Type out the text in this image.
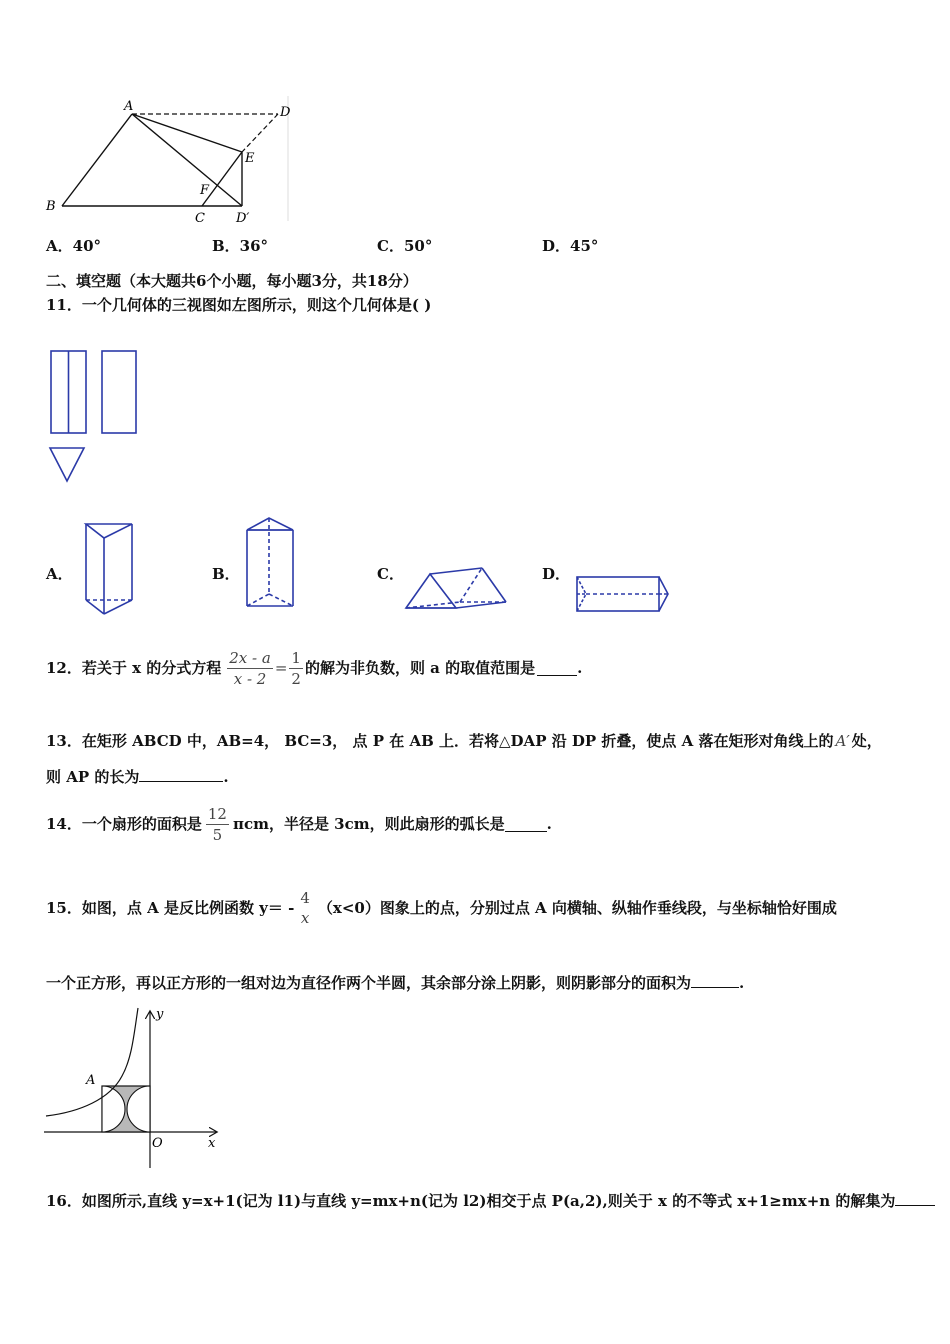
A	D
E
F
B
C D′
A．40°	B．36°	C．50°	D．45°
二、填空题（本大题共6个小题，每小题3分，共18分）
11．一个几何体的三视图如左图所示，则这个几何体是( )
A．	B．	C．	D．
12．若关于 x 的分式方程 $\frac{2x - a}{x - 2} = \frac{1}{2}$ 的解为非负数，则 a 的取值范围是	.
13．在矩形 ABCD 中，AB=4， BC=3， 点 P 在 AB 上．若将△DAP 沿 DP 折叠，使点 A 落在矩形对角线上的 A′ 处，
则 AP 的长为	.
14．一个扇形的面积是 $\frac{12}{5}$ πcm，半径是 3cm，则此扇形的弧长是	.
15．如图，点 A 是反比例函数 y＝ -
4
x
（x<0）图象上的点，分别过点 A 向横轴、纵轴作垂线段，与坐标轴恰好围成
一个正方形，再以正方形的一组对边为直径作两个半圆，其余部分涂上阴影，则阴影部分的面积为	.
y
A
O	x
16．如图所示,直线 y=x+1(记为 l1)与直线 y=mx+n(记为 l2)相交于点 P(a,2),则关于 x 的不等式 x+1≥mx+n 的解集为
